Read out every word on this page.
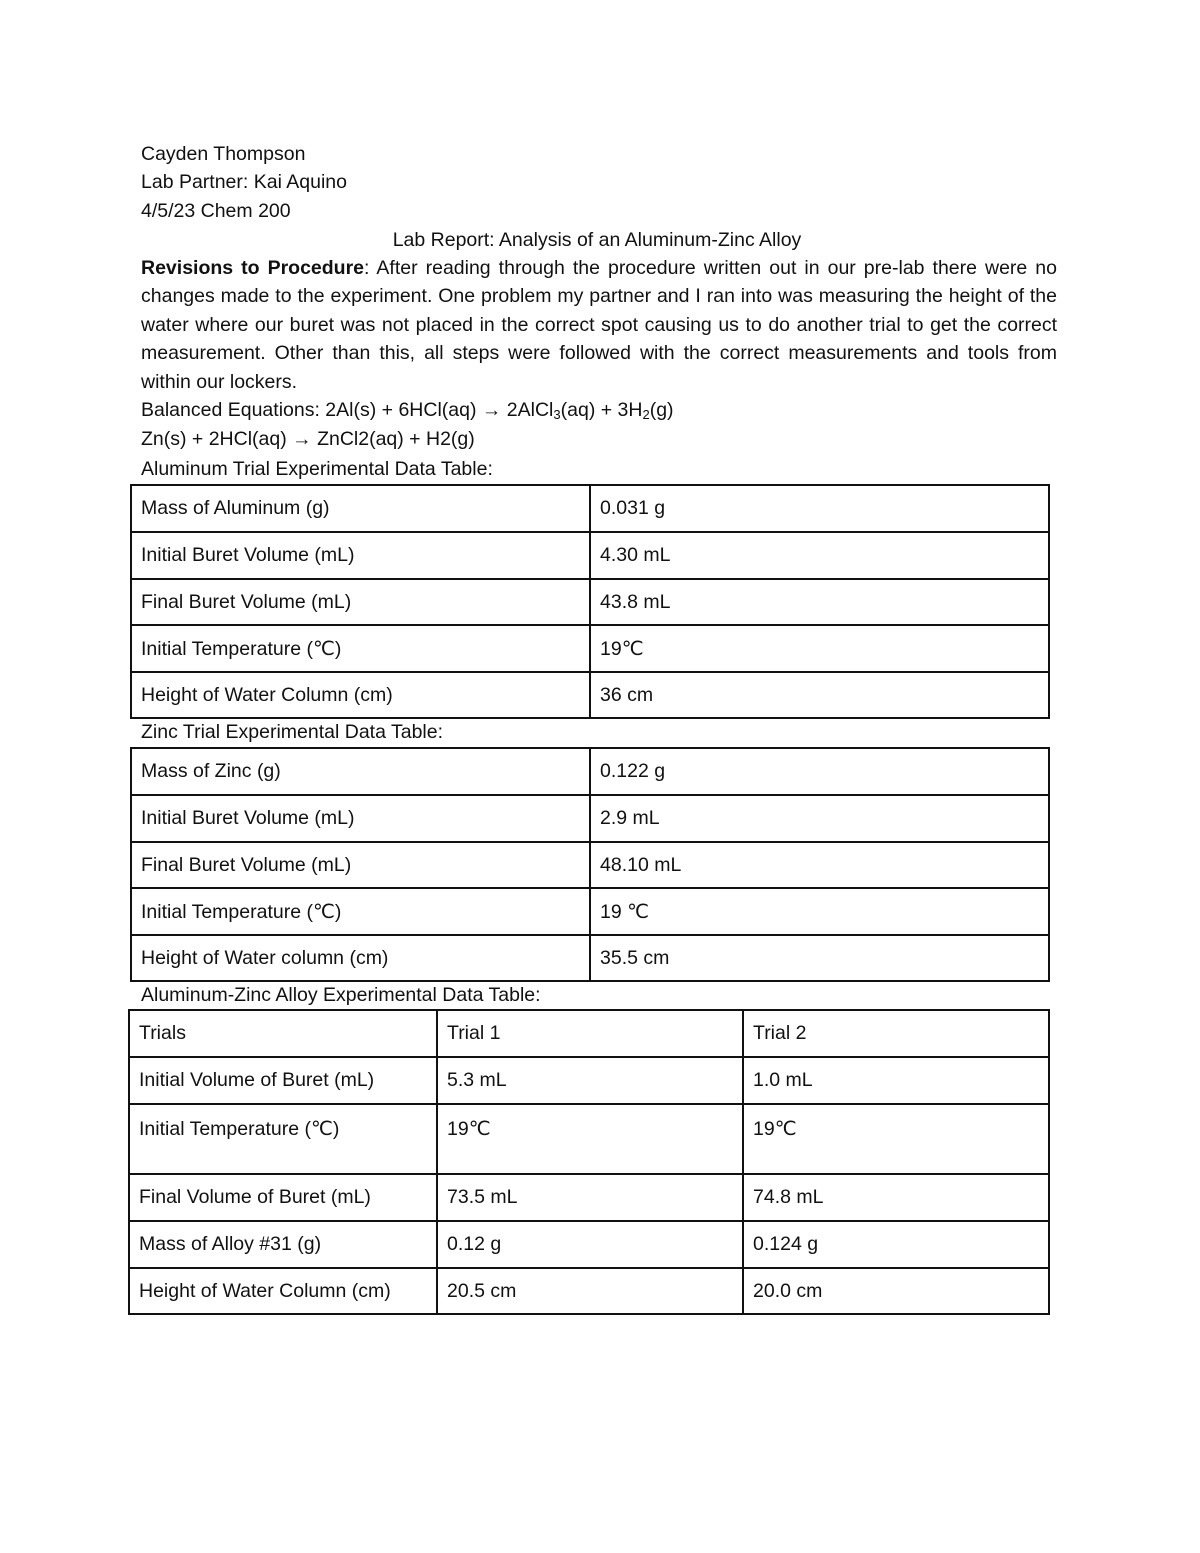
Cayden Thompson
Lab Partner: Kai Aquino
4/5/23 Chem 200
Lab Report: Analysis of an Aluminum-Zinc Alloy
Revisions to Procedure: After reading through the procedure written out in our pre-lab there were no changes made to the experiment. One problem my partner and I ran into was measuring the height of the water where our buret was not placed in the correct spot causing us to do another trial to get the correct measurement. Other than this, all steps were followed with the correct measurements and tools from within our lockers.
Balanced Equations: 2Al(s) + 6HCl(aq) → 2AlCl$_3$(aq) + $3H_2(g)$
Zn(s) + 2HCl(aq) → ZnCl2(aq) + H2(g)
Aluminum Trial Experimental Data Table:
Mass of Aluminum (g)	0.031 g
Initial Buret Volume (mL)	4.30 mL
Final Buret Volume (mL)	43.8 mL
Initial Temperature (℃)	19℃
Height of Water Column (cm)	36 cm
Zinc Trial Experimental Data Table:
Mass of Zinc (g)	0.122 g
Initial Buret Volume (mL)	2.9 mL
Final Buret Volume (mL)	48.10 mL
Initial Temperature (℃)	19 ℃
Height of Water column (cm)	35.5 cm
Aluminum-Zinc Alloy Experimental Data Table:
Trials	Trial 1	Trial 2
Initial Volume of Buret (mL)	5.3 mL	1.0 mL
Initial Temperature (℃)	19℃	19℃
Final Volume of Buret (mL)	73.5 mL	74.8 mL
Mass of Alloy #31 (g)	0.12 g	0.124 g
Height of Water Column (cm)	20.5 cm	20.0 cm
